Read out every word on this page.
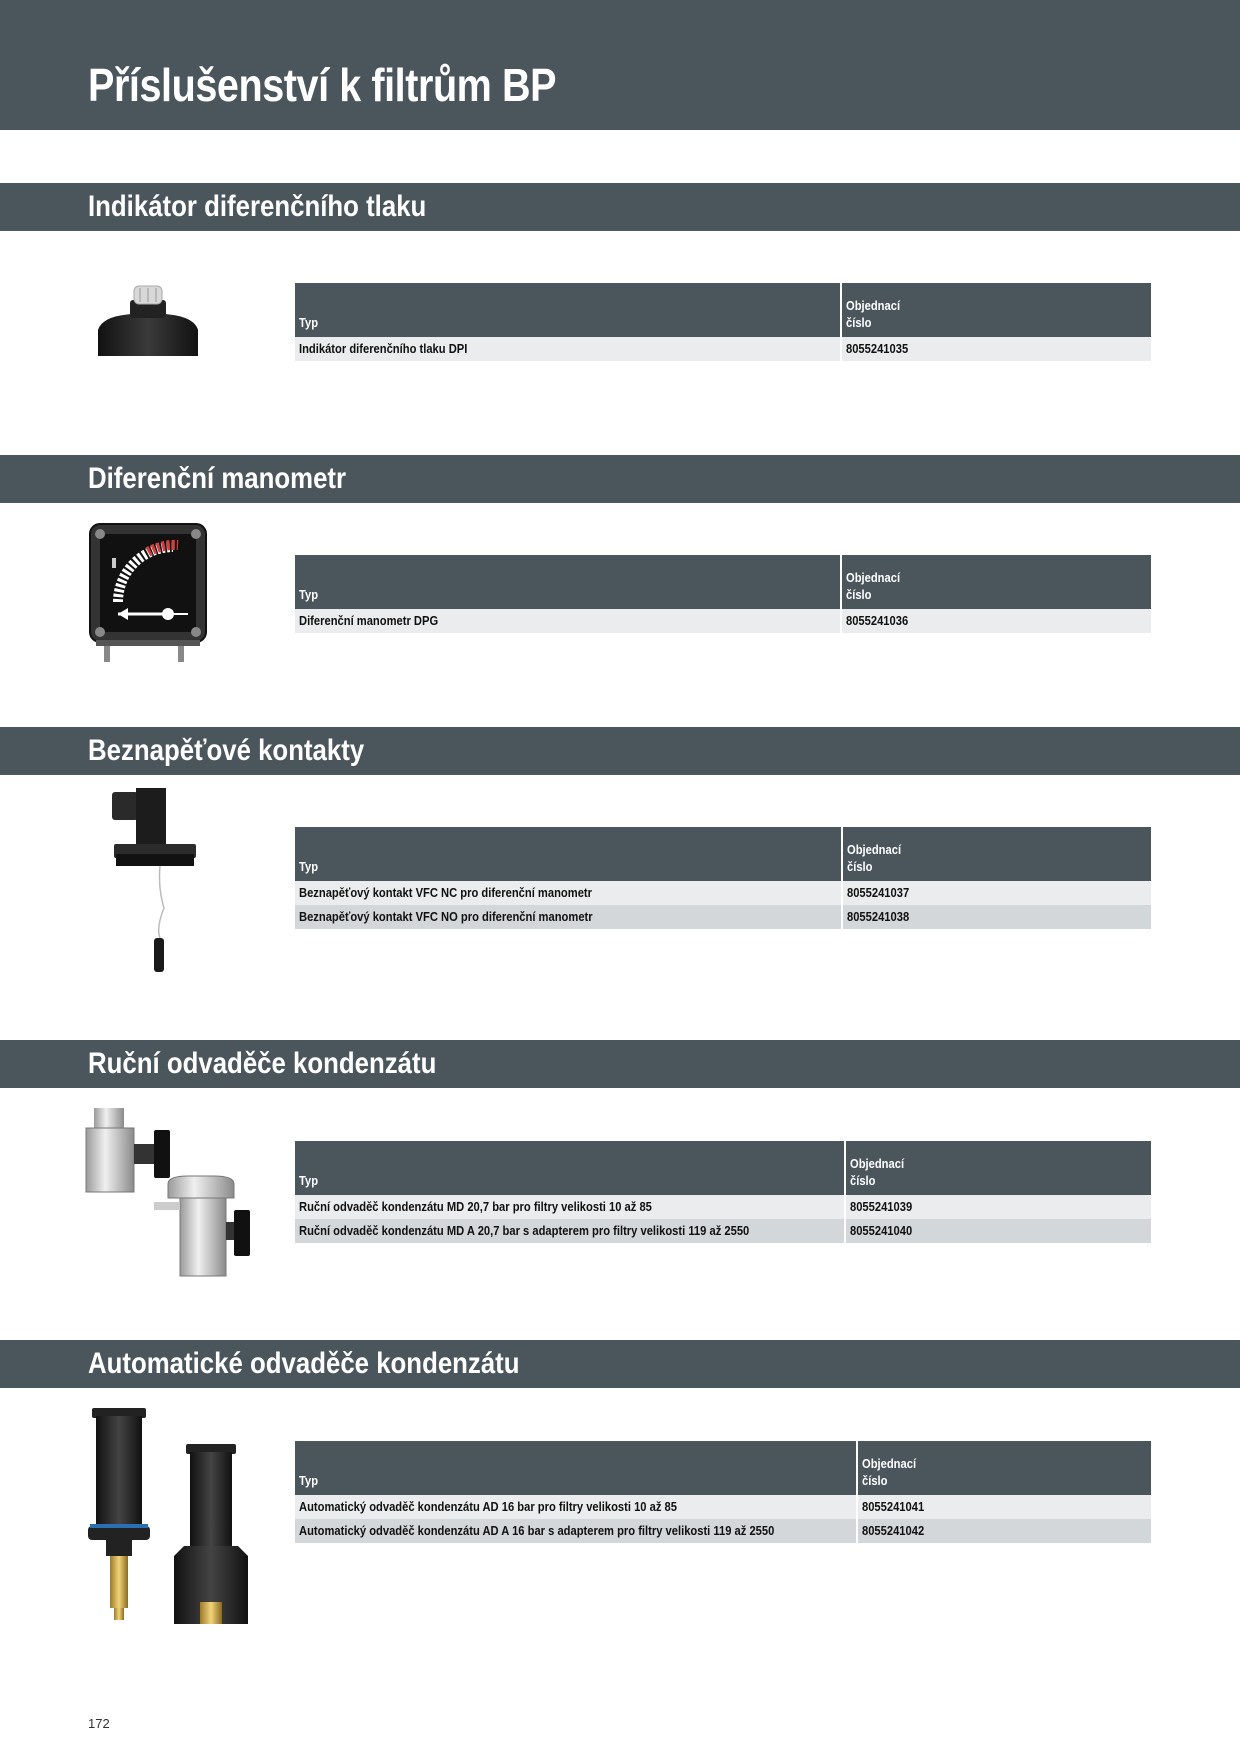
Příslušenství k filtrům BP
Indikátor diferenčního tlaku
Typ	Objednací
číslo
Indikátor diferenčního tlaku DPI	8055241035
Diferenční manometr
Typ	Objednací
číslo
Diferenční manometr DPG	8055241036
Beznapěťové kontakty
Typ	Objednací
číslo
Beznapěťový kontakt VFC NC pro diferenční manometr	8055241037
Beznapěťový kontakt VFC NO pro diferenční manometr	8055241038
Ruční odvaděče kondenzátu
Typ	Objednací
číslo
Ruční odvaděč kondenzátu MD 20,7 bar pro filtry velikosti 10 až 85	8055241039
Ruční odvaděč kondenzátu MD A 20,7 bar s adapterem pro filtry velikosti 119 až 2550	8055241040
Automatické odvaděče kondenzátu
Typ	Objednací
číslo
Automatický odvaděč kondenzátu AD 16 bar pro filtry velikosti 10 až 85	8055241041
Automatický odvaděč kondenzátu AD A 16 bar s adapterem pro filtry velikosti 119 až 2550	8055241042
172
